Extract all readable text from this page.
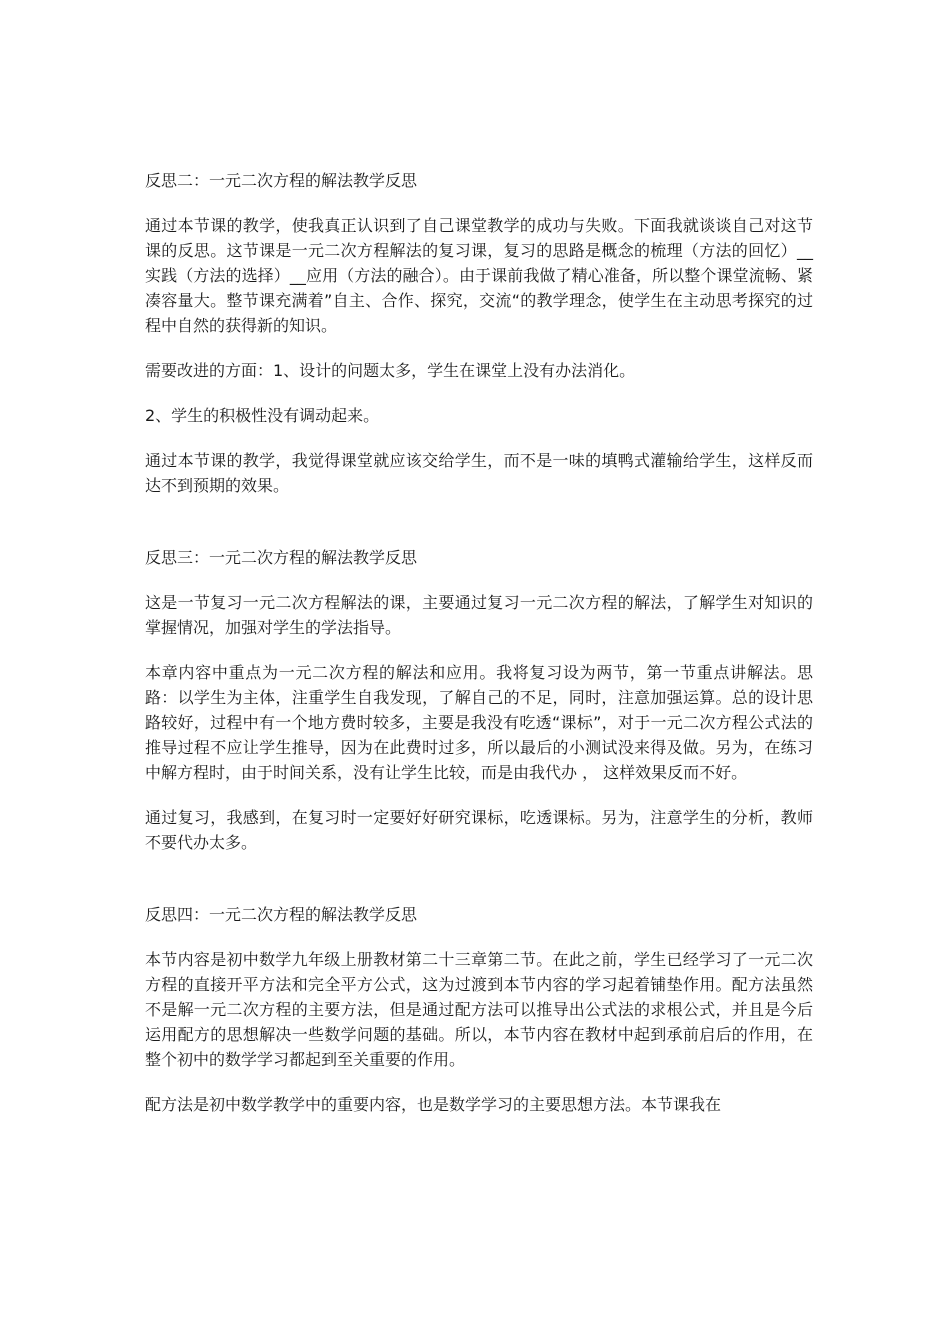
反思二：一元二次方程的解法教学反思

通过本节课的教学，使我真正认识到了自己课堂教学的成功与失败。下面我就谈谈自己对这节课的反思。这节课是一元二次方程解法的复习课，复习的思路是概念的梳理（方法的回忆）__实践（方法的选择）__应用（方法的融合）。由于课前我做了精心准备，所以整个课堂流畅、紧凑容量大。整节课充满着”自主、合作、探究，交流“的教学理念，使学生在主动思考探究的过程中自然的获得新的知识。

需要改进的方面：1、设计的问题太多，学生在课堂上没有办法消化。

2、学生的积极性没有调动起来。

通过本节课的教学，我觉得课堂就应该交给学生，而不是一味的填鸭式灌输给学生，这样反而达不到预期的效果。

反思三：一元二次方程的解法教学反思

这是一节复习一元二次方程解法的课，主要通过复习一元二次方程的解法，了解学生对知识的掌握情况，加强对学生的学法指导。

本章内容中重点为一元二次方程的解法和应用。我将复习设为两节，第一节重点讲解法。思路：以学生为主体，注重学生自我发现，了解自己的不足，同时，注意加强运算。总的设计思路较好，过程中有一个地方费时较多，主要是我没有吃透“课标”，对于一元二次方程公式法的推导过程不应让学生推导，因为在此费时过多，所以最后的小测试没来得及做。另为，在练习中解方程时，由于时间关系，没有让学生比较，而是由我代办 ， 这样效果反而不好。

通过复习，我感到，在复习时一定要好好研究课标，吃透课标。另为，注意学生的分析，教师不要代办太多。

反思四：一元二次方程的解法教学反思

本节内容是初中数学九年级上册教材第二十三章第二节。在此之前，学生已经学习了一元二次方程的直接开平方法和完全平方公式，这为过渡到本节内容的学习起着铺垫作用。配方法虽然不是解一元二次方程的主要方法，但是通过配方法可以推导出公式法的求根公式，并且是今后运用配方的思想解决一些数学问题的基础。所以，本节内容在教材中起到承前启后的作用，在整个初中的数学学习都起到至关重要的作用。

配方法是初中数学教学中的重要内容，也是数学学习的主要思想方法。本节课我在
